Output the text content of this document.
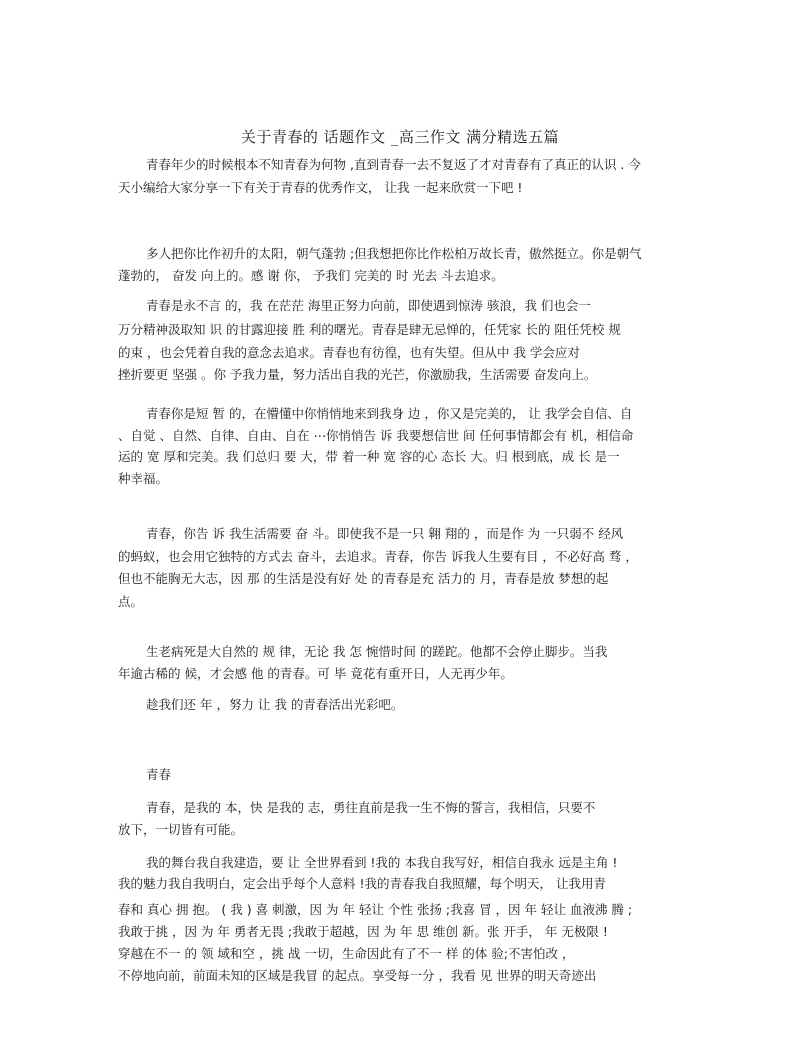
关于青春的 话题作文 _高三作文 满分精选五篇
青春年少的时候根本不知青春为何物 ,直到青春一去不复返了才对青春有了真正的认识 . 今
天小编给大家分享一下有关于青春的优秀作文， 让我 一起来欣赏一下吧 !
多人把你比作初升的太阳，朝气蓬勃 ;但我想把你比作松柏万故长青，傲然挺立。你是朝气
蓬勃的， 奋发 向上的。感 谢 你， 予我们 完美的 时 光去 斗去追求。
青春是永不言 的，我 在茫茫 海里正努力向前，即使遇到惊涛 骇浪，我 们也会一
万分精神汲取知 识 的甘露迎接 胜 利的曙光。青春是肆无忌惮的，任凭家 长的 阻任凭校 规
的束 ，也会凭着自我的意念去追求。青春也有彷徨，也有失望。但从中 我 学会应对
挫折要更 坚强 。你 予我力量，努力活出自我的光芒，你激励我，生活需要 奋发向上。
青春你是短 暂 的，在懵懂中你悄悄地来到我身 边 ，你又是完美的， 让 我学会自信、自
、自觉 、自然、自律、自由、自在 ⋯你悄悄告 诉 我要想信世 间 任何事情都会有 机，相信命
运的 宽 厚和完美。我 们总归 要 大，带 着一种 宽 容的心 态长 大。归 根到底，成 长 是一
种幸福。
青春，你告 诉 我生活需要 奋 斗。即使我不是一只 翱 翔的 ，而是作 为 一只弱不 经风
的蚂蚁，也会用它独特的方式去 奋斗，去追求。青春，你告 诉我人生要有目 ，不必好高 骛 ，
但也不能胸无大志，因 那 的生活是没有好 处 的青春是充 活力的 月，青春是放 梦想的起
点。
生老病死是大自然的 规 律，无论 我 怎 惋惜时间 的蹉跎。他都不会停止脚步。当我
年逾古稀的 候，才会感 他 的青春。可 毕 竟花有重开日，人无再少年。
趁我们还 年 ，努力 让 我 的青春活出光彩吧。
青春
青春，是我的 本，快 是我的 志，勇往直前是我一生不悔的誓言，我相信，只要不
放下，一切皆有可能。
我的舞台我自我建造，要 让 全世界看到 !我的 本我自我写好，相信自我永 远是主角 !
我的魅力我自我明白，定会出乎每个人意料 !我的青春我自我照耀，每个明天， 让我用青
春和 真心 拥 抱。 ( 我 ) 喜 刺激，因 为 年 轻让 个性 张扬 ;我喜 冒 ，因 年 轻让 血液沸 腾 ;
我敢于挑 ，因 为 年 勇者无畏 ;我敢于超越，因 为 年 思 维创 新。张 开手， 年 无极限 !
穿越在不一 的 领 域和空 ，挑 战 一切，生命因此有了不一 样 的体 验;不害怕改 ，
不停地向前，前面未知的区域是我冒 的起点。享受每一分 ，我看 见 世界的明天奇迹出
